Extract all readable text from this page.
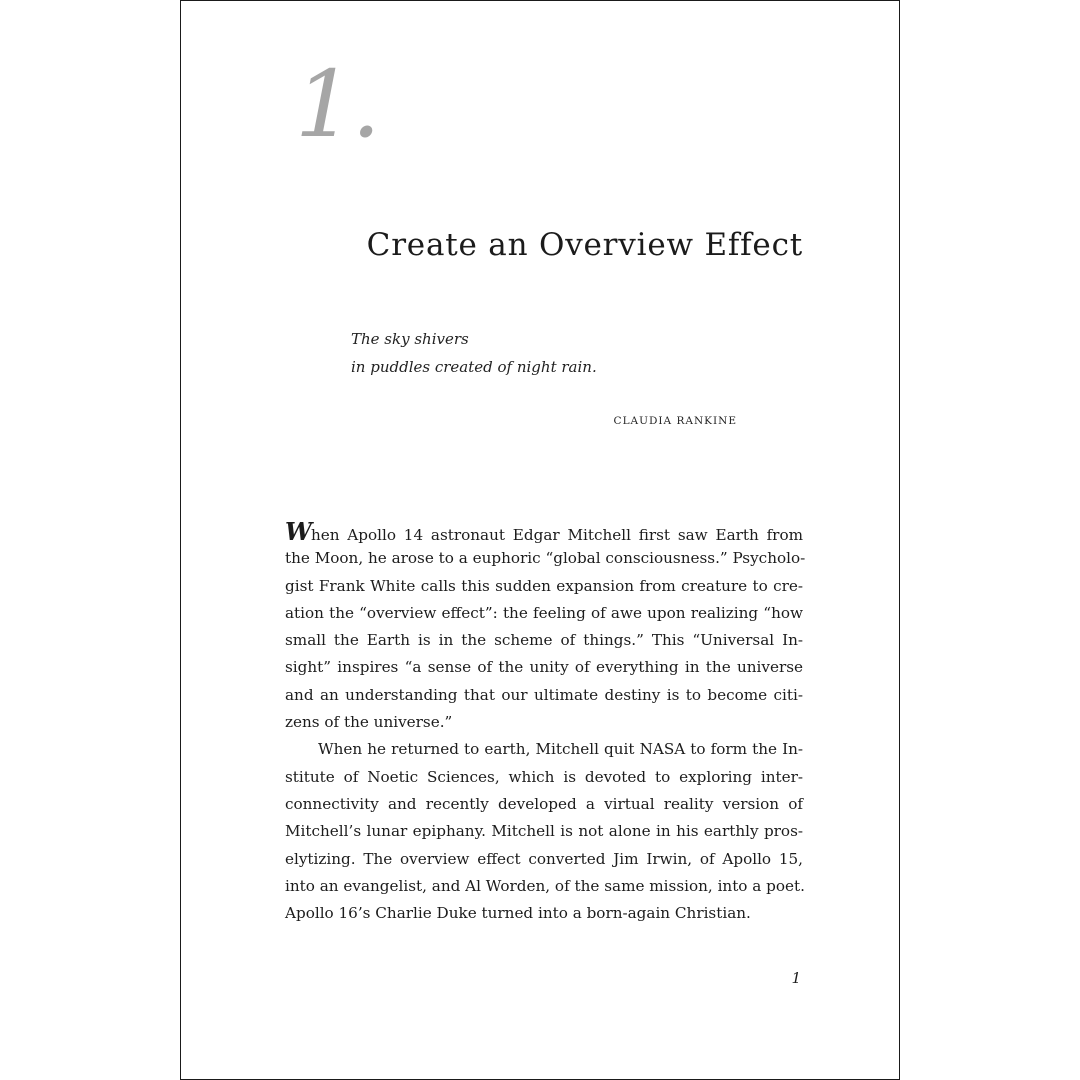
1.
Create an Overview Effect
The sky shivers
in puddles created of night rain.
CLAUDIA RANKINE
When Apollo 14 astronaut Edgar Mitchell first saw Earth from
the Moon, he arose to a euphoric “global consciousness.” Psycholo-
gist Frank White calls this sudden expansion from creature to cre-
ation the “overview effect”: the feeling of awe upon realizing “how
small the Earth is in the scheme of things.” This “Universal In-
sight” inspires “a sense of the unity of everything in the universe
and an understanding that our ultimate destiny is to become citi-
zens of the universe.”
When he returned to earth, Mitchell quit NASA to form the In-
stitute of Noetic Sciences, which is devoted to exploring inter-
connectivity and recently developed a virtual reality version of
Mitchell’s lunar epiphany. Mitchell is not alone in his earthly pros-
elytizing. The overview effect converted Jim Irwin, of Apollo 15,
into an evangelist, and Al Worden, of the same mission, into a poet.
Apollo 16’s Charlie Duke turned into a born-again Christian.
1
